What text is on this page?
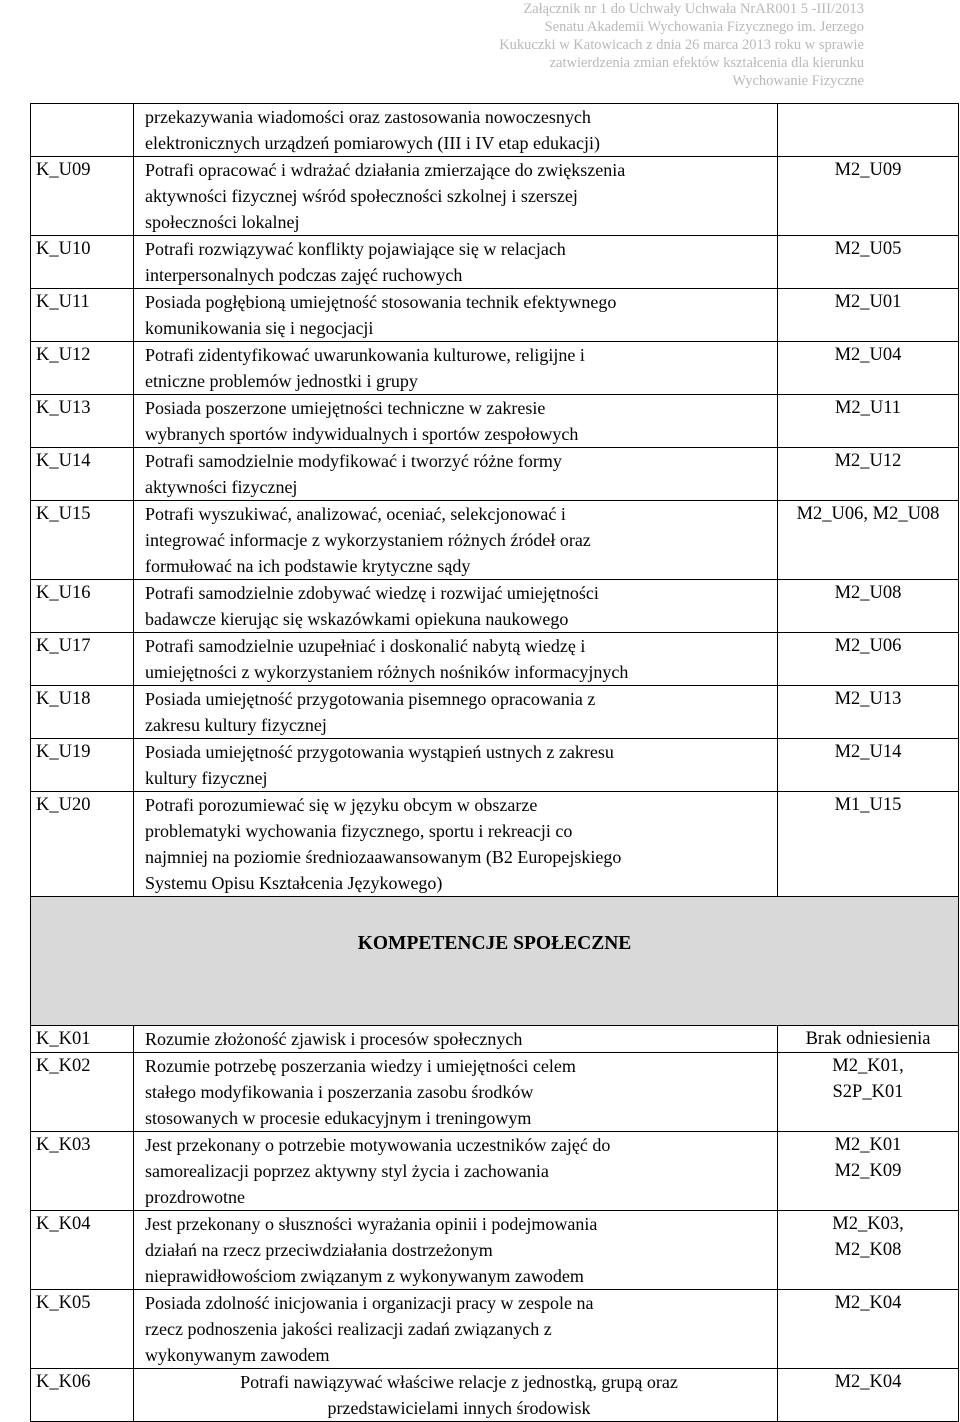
Załącznik nr 1 do Uchwały Uchwała NrAR001 5 -III/2013
Senatu Akademii Wychowania Fizycznego im. Jerzego
Kukuczki w Katowicach z dnia 26 marca 2013 roku w sprawie
zatwierdzenia zmian efektów kształcenia dla kierunku
Wychowanie Fizyczne
	przekazywania wiadomości oraz zastosowania nowoczesnych
elektronicznych urządzeń pomiarowych (III i IV etap edukacji)	
K_U09	Potrafi opracować i wdrażać działania zmierzające do zwiększenia
aktywności fizycznej wśród społeczności szkolnej i szerszej
społeczności lokalnej	M2_U09
K_U10	Potrafi rozwiązywać konflikty pojawiające się w relacjach
interpersonalnych podczas zajęć ruchowych	M2_U05
K_U11	Posiada pogłębioną umiejętność stosowania technik efektywnego
komunikowania się i negocjacji	M2_U01
K_U12	Potrafi zidentyfikować uwarunkowania kulturowe, religijne i
etniczne problemów jednostki i grupy	M2_U04
K_U13	Posiada poszerzone umiejętności techniczne w zakresie
wybranych sportów indywidualnych i sportów zespołowych	M2_U11
K_U14	Potrafi samodzielnie modyfikować i tworzyć różne formy
aktywności fizycznej	M2_U12
K_U15	Potrafi wyszukiwać, analizować, oceniać, selekcjonować i
integrować informacje z wykorzystaniem różnych źródeł oraz
formułować na ich podstawie krytyczne sądy	M2_U06, M2_U08
K_U16	Potrafi samodzielnie zdobywać wiedzę i rozwijać umiejętności
badawcze kierując się wskazówkami opiekuna naukowego	M2_U08
K_U17	Potrafi samodzielnie uzupełniać i doskonalić nabytą wiedzę i
umiejętności z wykorzystaniem różnych nośników informacyjnych	M2_U06
K_U18	Posiada umiejętność przygotowania pisemnego opracowania z
zakresu kultury fizycznej	M2_U13
K_U19	Posiada umiejętność przygotowania wystąpień ustnych z zakresu
kultury fizycznej	M2_U14
K_U20	Potrafi porozumiewać się w języku obcym w obszarze
problematyki wychowania fizycznego, sportu i rekreacji co
najmniej na poziomie średniozaawansowanym (B2 Europejskiego
Systemu Opisu Kształcenia Językowego)	M1_U15
KOMPETENCJE SPOŁECZNE		
K_K01	Rozumie złożoność zjawisk i procesów społecznych	Brak odniesienia
K_K02	Rozumie potrzebę poszerzania wiedzy i umiejętności celem
stałego modyfikowania i poszerzania zasobu środków
stosowanych w procesie edukacyjnym i treningowym	M2_K01,
S2P_K01
K_K03	Jest przekonany o potrzebie motywowania uczestników zajęć do
samorealizacji poprzez aktywny styl życia i zachowania
prozdrowotne	M2_K01
M2_K09
K_K04	Jest przekonany o słuszności wyrażania opinii i podejmowania
działań na rzecz przeciwdziałania dostrzeżonym
nieprawidłowościom związanym z wykonywanym zawodem	M2_K03,
M2_K08
K_K05	Posiada zdolność inicjowania i organizacji pracy w zespole na
rzecz podnoszenia jakości realizacji zadań związanych z
wykonywanym zawodem	M2_K04
K_K06	Potrafi nawiązywać właściwe relacje z jednostką, grupą oraz
przedstawicielami innych środowisk	M2_K04
